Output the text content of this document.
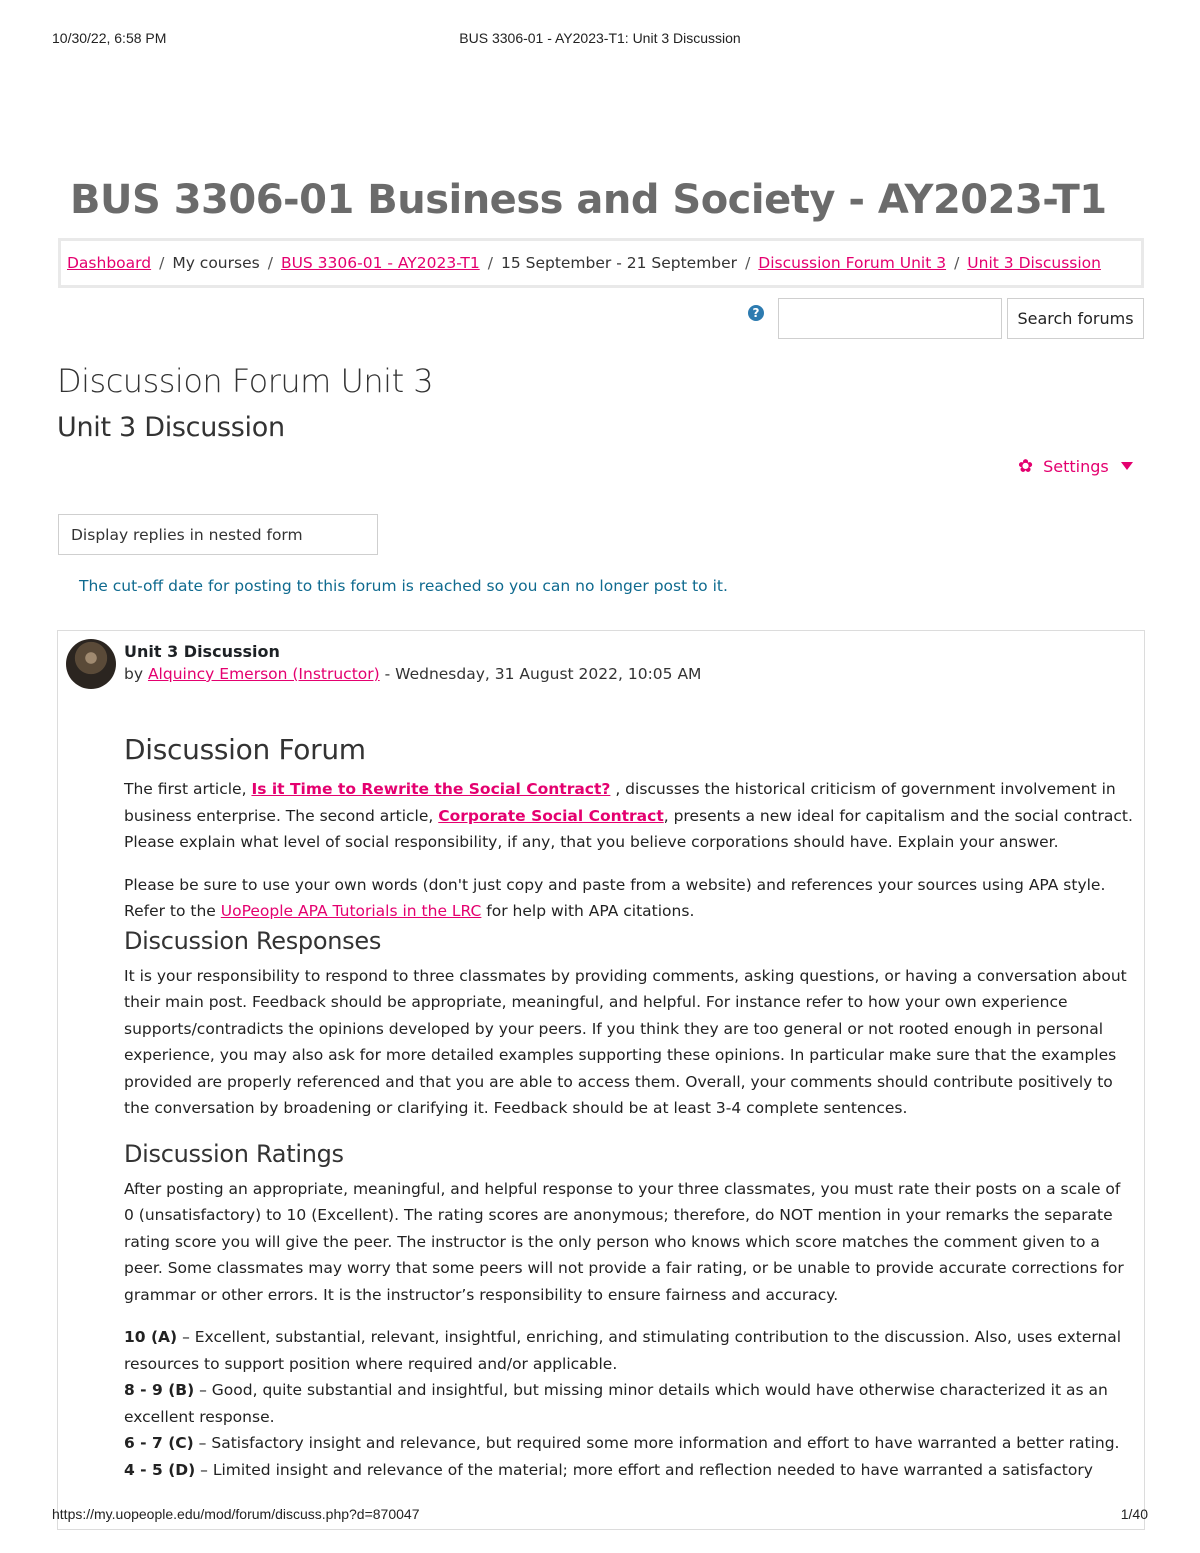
10/30/22, 6:58 PM	BUS 3306-01 - AY2023-T1: Unit 3 Discussion
BUS 3306-01 Business and Society - AY2023-T1
Dashboard / My courses / BUS 3306-01 - AY2023-T1 / 15 September - 21 September / Discussion Forum Unit 3 / Unit 3 Discussion
?	Search forums
Discussion Forum Unit 3
Unit 3 Discussion
✿ Settings
Display replies in nested form
The cut-off date for posting to this forum is reached so you can no longer post to it.
Unit 3 Discussion
by Alquincy Emerson (Instructor) - Wednesday, 31 August 2022, 10:05 AM
Discussion Forum

The first article, Is it Time to Rewrite the Social Contract? , discusses the historical criticism of government involvement in business enterprise. The second article, Corporate Social Contract, presents a new ideal for capitalism and the social contract. Please explain what level of social responsibility, if any, that you believe corporations should have. Explain your answer.

Please be sure to use your own words (don't just copy and paste from a website) and references your sources using APA style. Refer to the UoPeople APA Tutorials in the LRC for help with APA citations.

Discussion Responses

It is your responsibility to respond to three classmates by providing comments, asking questions, or having a conversation about their main post. Feedback should be appropriate, meaningful, and helpful. For instance refer to how your own experience supports/contradicts the opinions developed by your peers. If you think they are too general or not rooted enough in personal experience, you may also ask for more detailed examples supporting these opinions. In particular make sure that the examples provided are properly referenced and that you are able to access them. Overall, your comments should contribute positively to the conversation by broadening or clarifying it. Feedback should be at least 3-4 complete sentences.

Discussion Ratings

After posting an appropriate, meaningful, and helpful response to your three classmates, you must rate their posts on a scale of 0 (unsatisfactory) to 10 (Excellent). The rating scores are anonymous; therefore, do NOT mention in your remarks the separate rating score you will give the peer. The instructor is the only person who knows which score matches the comment given to a peer. Some classmates may worry that some peers will not provide a fair rating, or be unable to provide accurate corrections for grammar or other errors. It is the instructor’s responsibility to ensure fairness and accuracy.

10 (A) – Excellent, substantial, relevant, insightful, enriching, and stimulating contribution to the discussion. Also, uses external resources to support position where required and/or applicable.

8 - 9 (B) – Good, quite substantial and insightful, but missing minor details which would have otherwise characterized it as an excellent response.

6 - 7 (C) – Satisfactory insight and relevance, but required some more information and effort to have warranted a better rating.

4 - 5 (D) – Limited insight and relevance of the material; more effort and reflection needed to have warranted a satisfactory

https://my.uopeople.edu/mod/forum/discuss.php?d=870047	1/40
